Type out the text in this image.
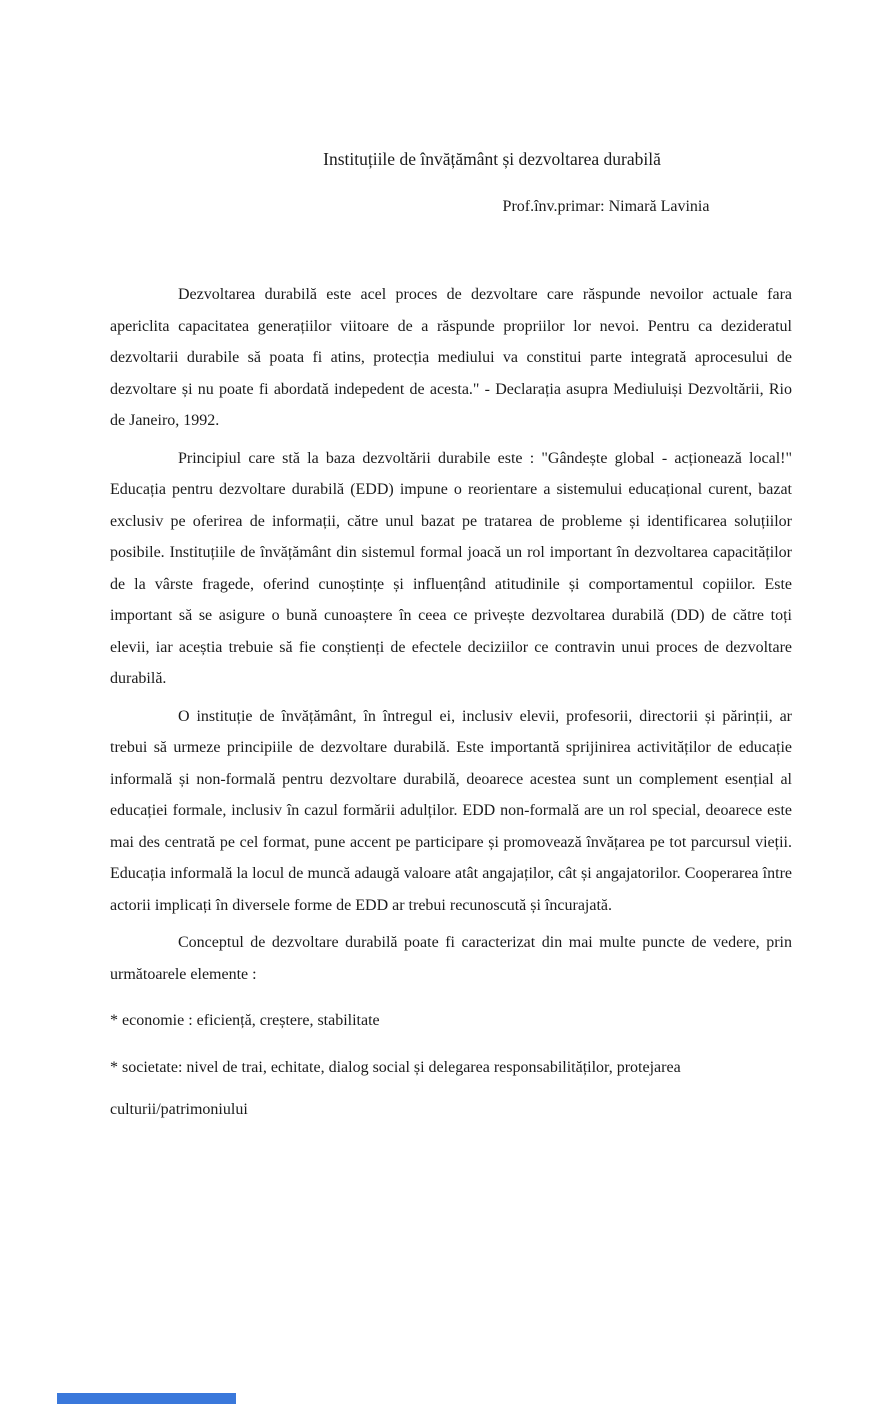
Instituțiile de învățământ și dezvoltarea durabilă
Prof.înv.primar: Nimară Lavinia

Dezvoltarea durabilă este acel proces de dezvoltare care răspunde nevoilor actuale fara apericlita capacitatea generațiilor viitoare de a răspunde propriilor lor nevoi. Pentru ca dezideratul dezvoltarii durabile să poata fi atins, protecția mediului va constitui parte integrată aprocesului de dezvoltare și nu poate fi abordată indepedent de acesta." - Declarația asupra Mediuluiși Dezvoltării, Rio de Janeiro, 1992.

Principiul care stă la baza dezvoltării durabile este : "Gândește global - acționează local!" Educația pentru dezvoltare durabilă (EDD) impune o reorientare a sistemului educațional curent, bazat exclusiv pe oferirea de informații, către unul bazat pe tratarea de probleme și identificarea soluțiilor posibile. Instituțiile de învățământ din sistemul formal joacă un rol important în dezvoltarea capacităților de la vârste fragede, oferind cunoștințe și influențând atitudinile și comportamentul copiilor. Este important să se asigure o bună cunoaștere în ceea ce privește dezvoltarea durabilă (DD) de către toți elevii, iar aceștia trebuie să fie conștienți de efectele deciziilor ce contravin unui proces de dezvoltare durabilă.

O instituție de învățământ, în întregul ei, inclusiv elevii, profesorii, directorii și părinții, ar trebui să urmeze principiile de dezvoltare durabilă. Este importantă sprijinirea activităților de educație informală și non-formală pentru dezvoltare durabilă, deoarece acestea sunt un complement esențial al educației formale, inclusiv în cazul formării adulților. EDD non-formală are un rol special, deoarece este mai des centrată pe cel format, pune accent pe participare și promovează învățarea pe tot parcursul vieții. Educația informală la locul de muncă adaugă valoare atât angajaților, cât și angajatorilor. Cooperarea între actorii implicați în diversele forme de EDD ar trebui recunoscută și încurajată.

Conceptul de dezvoltare durabilă poate fi caracterizat din mai multe puncte de vedere, prin următoarele elemente :

* economie : eficiență, creștere, stabilitate

* societate: nivel de trai, echitate, dialog social și delegarea responsabilităților, protejarea

culturii/patrimoniului
